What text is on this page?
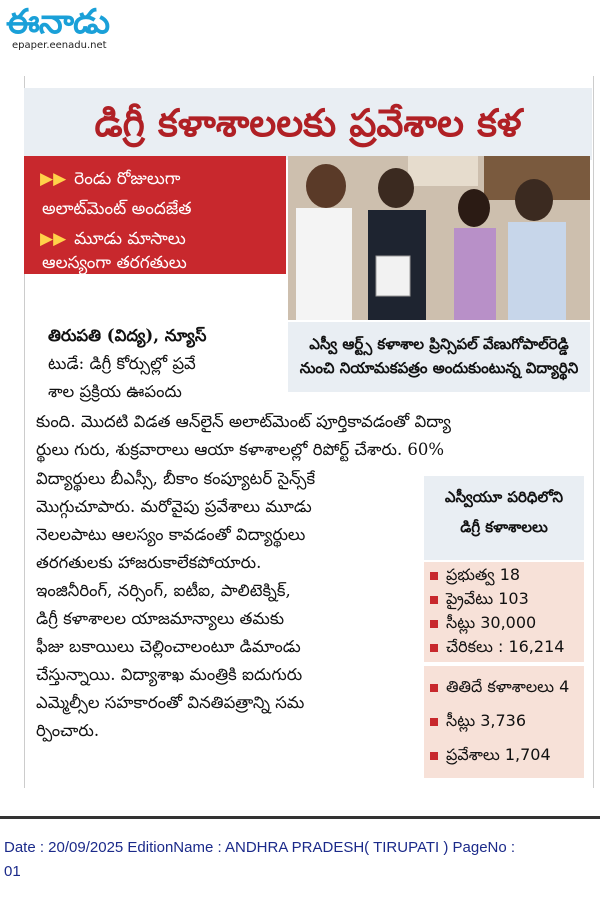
ఈనాడు
epaper.eenadu.net
డిగ్రీ కళాశాలలకు ప్రవేశాల కళ
▶▶ రెండు రోజులుగా
అలాట్‌మెంట్‌ అందజేత
▶▶ మూడు మాసాలు
ఆలస్యంగా తరగతులు
ఎస్వీ ఆర్ట్స్‌ కళాశాల ప్రిన్సిపల్‌ వేణుగోపాల్‌రెడ్డి
నుంచి నియామకపత్రం అందుకుంటున్న విద్యార్థిని
తిరుపతి (విద్య), న్యూస్‌
టుడే: డిగ్రీ కోర్సుల్లో ప్రవే
శాల ప్రక్రియ ఊపందు
కుంది. మొదటి విడత ఆన్‌లైన్‌ అలాట్‌మెంట్‌ పూర్తికావడంతో విద్యా
ర్థులు గురు, శుక్రవారాలు ఆయా కళాశాలల్లో రిపోర్ట్‌ చేశారు. 60%
విద్యార్థులు బీఎస్సీ, బీకాం కంప్యూటర్‌ సైన్స్‌కే
మొగ్గుచూపారు. మరోవైపు ప్రవేశాలు మూడు
నెలలపాటు ఆలస్యం కావడంతో విద్యార్థులు
తరగతులకు హాజరుకాలేకపోయారు.
ఇంజినీరింగ్, నర్సింగ్, ఐటీఐ, పాలిటెక్నిక్,
డిగ్రీ కళాశాలల యాజమాన్యాలు తమకు
ఫీజు బకాయిలు చెల్లించాలంటూ డిమాండు
చేస్తున్నాయి. విద్యాశాఖ మంత్రికి ఐదుగురు
ఎమ్మెల్సీల సహకారంతో వినతిపత్రాన్ని సమ
ర్పించారు.
ఎస్వీయూ పరిధిలోని
డిగ్రీ కళాశాలలు
ప్రభుత్వ 18
ప్రైవేటు 103
సీట్లు 30,000
చేరికలు : 16,214
తితిదే కళాశాలలు 4
సీట్లు 3,736
ప్రవేశాలు 1,704
Date : 20/09/2025 EditionName : ANDHRA PRADESH( TIRUPATI ) PageNo :
01
